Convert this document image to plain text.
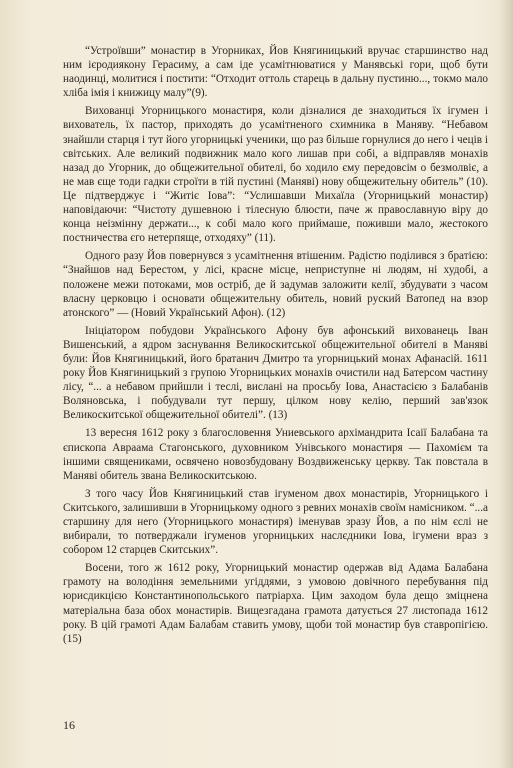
“Устроївши” монастир в Угорниках, Йов Княгиницький вручає старшинство над ним ієродиякону Герасиму, а сам іде усамітнюватися у Манявські гори, щоб бути наодинці, молитися і постити: “Отходит оттоль старець в дальну пустиню..., токмо мало хліба імія і книжицу малу”(9).

Вихованці Угорницького монастиря, коли дізналися де знаходиться їх ігумен і вихователь, їх пастор, приходять до усамітненого схимника в Маняву. “Небавом знайшли старця і тут його угорницькі ученики, що раз більше горнулися до него і чеців і світських. Але великий подвижник мало кого лишав при собі, а відправляв монахів назад до Угорник, до общежительної обителі, бо ходило єму передовсім о безмолвіє, а не мав єще тоди гадки строїти в тій пустині (Маняві) нову общежительну обитель” (10). Це підтверджує і “Житіє Іова”: “Услишавши Михаїла (Угорницький монастир) наповідаючи: “Чистоту душевною і тілесную блюсти, паче ж православную віру до конца неізмінну держати..., к собі мало кого приймаше, поживши мало, жестокого постничества єго нетерпяще, отходяху” (11).

Одного разу Йов повернувся з усамітнення втішеним. Радістю поділився з братією: “Знайшов над Берестом, у лісі, красне місце, неприступне ні людям, ні худобі, а положене межи потоками, мов остріб, де й задумав заложити келії, збудувати з часом власну церковцю і основати общежительну обитель, новий руский Ватопед на взор атонского” — (Новий Український Афон). (12)

Ініціатором побудови Українського Афону був афонський вихованець Іван Вишенський, а ядром заснування Великоскитської общежительної обителі в Маняві були: Йов Княгиницький, його братанич Дмитро та угорницький монах Афанасій. 1611 року Йов Княгиницький з групою Угорницьких монахів очистили над Батерсом частину лісу, “... а небавом прийшли і теслі, вислані на просьбу Іова, Анастасією з Балабанів Воляновська, і побудували тут першу, цілком нову келію, перший зав'язок Великоскитської общежительної обителі”. (13)

13 вересня 1612 року з благословення Униевського архімандрита Ісаії Балабана та єпископа Авраама Стагонського, духовником Унівського монастиря — Пахомієм та іншими священиками, освячено новозбудовану Воздвиженську церкву. Так повстала в Маняві обитель звана Великоскитською.

З того часу Йов Княгиницький став ігуменом двох монастирів, Угорницького і Скитського, залишивши в Угорницькому одного з ревних монахів своїм намісником. “...а старшину для него (Угорницького монастиря) іменував зразу Йов, а по нім єслі не вибирали, то потверджали ігуменов угорницьких наслєдники Іова, ігумени враз з собором 12 старцев Скитських”.

Восени, того ж 1612 року, Угорницький монастир одержав від Адама Балабана грамоту на володіння земельними угіддями, з умовою довічного перебування під юрисдикцією Константинопольського патріарха. Цим заходом була дещо зміцнена матеріальна база обох монастирів. Вищезгадана грамота датується 27 листопада 1612 року. В цій грамоті Адам Балабам ставить умову, щоби той монастир був ставропігією. (15)

16
